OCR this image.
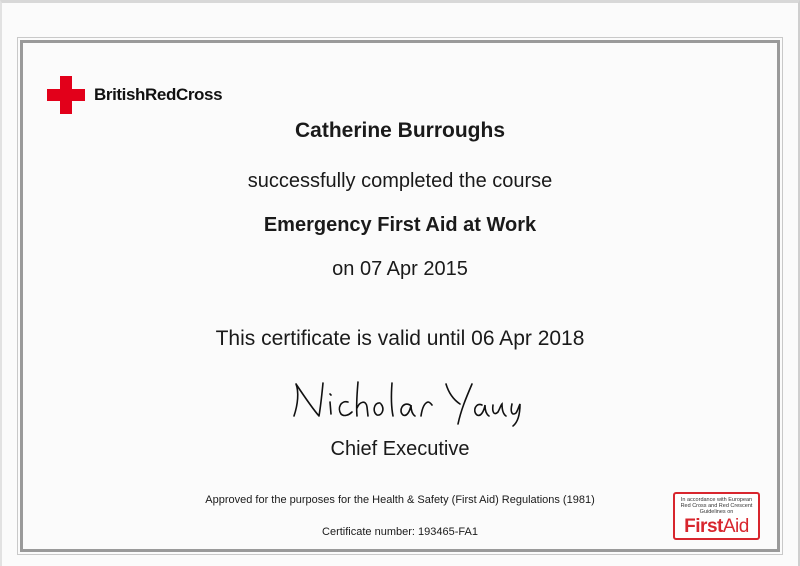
BritishRedCross
Catherine Burroughs
successfully completed the course
Emergency First Aid at Work
on 07 Apr 2015
This certificate is valid until 06 Apr 2018
Chief Executive
Approved for the purposes for the Health & Safety (First Aid) Regulations (1981)
Certificate number: 193465-FA1
In accordance with European Red Cross and Red Crescent Guidelines on
FirstAid
